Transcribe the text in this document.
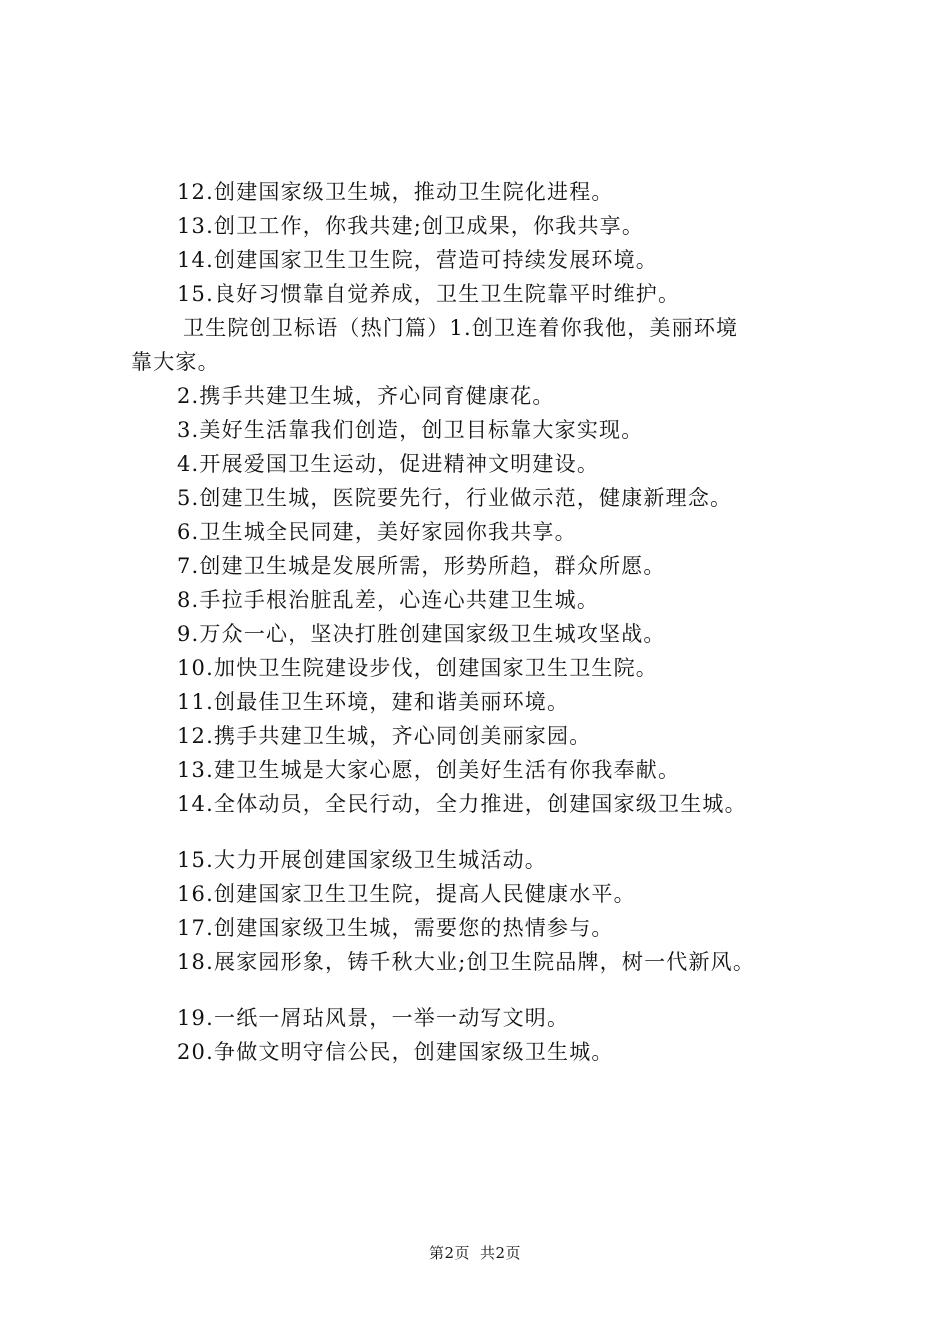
12.创建国家级卫生城，推动卫生院化进程。
13.创卫工作，你我共建;创卫成果，你我共享。
14.创建国家卫生卫生院，营造可持续发展环境。
15.良好习惯靠自觉养成，卫生卫生院靠平时维护。
卫生院创卫标语（热门篇）1.创卫连着你我他，美丽环境
靠大家。
2.携手共建卫生城，齐心同育健康花。
3.美好生活靠我们创造，创卫目标靠大家实现。
4.开展爱国卫生运动，促进精神文明建设。
5.创建卫生城，医院要先行，行业做示范，健康新理念。
6.卫生城全民同建，美好家园你我共享。
7.创建卫生城是发展所需，形势所趋，群众所愿。
8.手拉手根治脏乱差，心连心共建卫生城。
9.万众一心，坚决打胜创建国家级卫生城攻坚战。
10.加快卫生院建设步伐，创建国家卫生卫生院。
11.创最佳卫生环境，建和谐美丽环境。
12.携手共建卫生城，齐心同创美丽家园。
13.建卫生城是大家心愿，创美好生活有你我奉献。
14.全体动员，全民行动，全力推进，创建国家级卫生城。
15.大力开展创建国家级卫生城活动。
16.创建国家卫生卫生院，提高人民健康水平。
17.创建国家级卫生城，需要您的热情参与。
18.展家园形象，铸千秋大业;创卫生院品牌，树一代新风。
19.一纸一屑玷风景，一举一动写文明。
20.争做文明守信公民，创建国家级卫生城。
第2页 共2页
